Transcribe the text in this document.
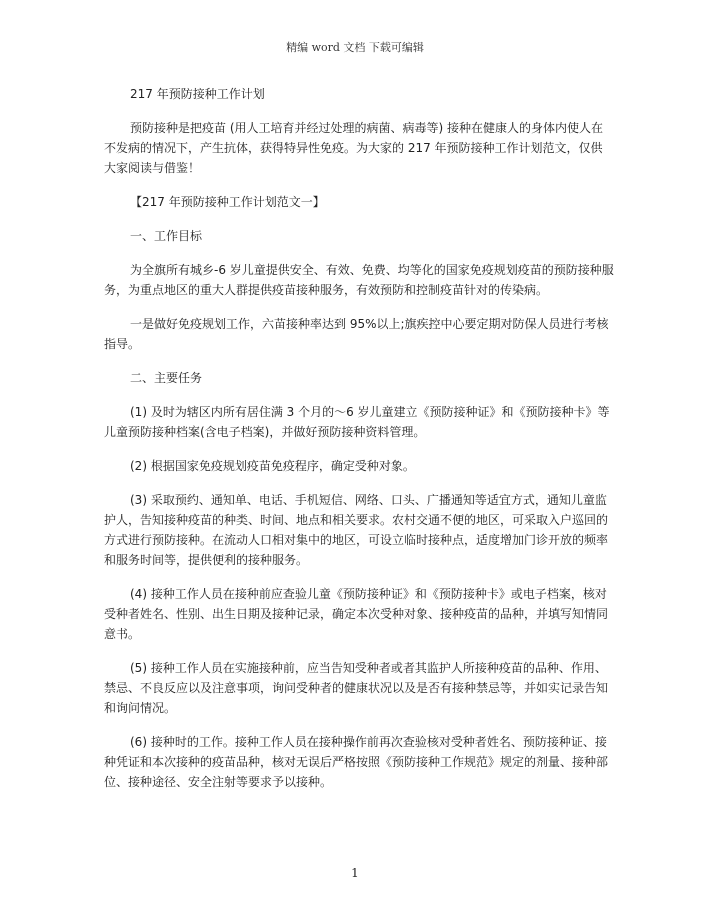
精编 word 文档 下载可编辑

217 年预防接种工作计划

预防接种是把疫苗 (用人工培育并经过处理的病菌、病毒等) 接种在健康人的身体内使人在不发病的情况下，产生抗体，获得特异性免疫。为大家的 217 年预防接种工作计划范文，仅供大家阅读与借鉴！

【217 年预防接种工作计划范文一】

一、工作目标

为全旗所有城乡-6 岁儿童提供安全、有效、免费、均等化的国家免疫规划疫苗的预防接种服务，为重点地区的重大人群提供疫苗接种服务，有效预防和控制疫苗针对的传染病。

一是做好免疫规划工作，六苗接种率达到 95%以上;旗疾控中心要定期对防保人员进行考核指导。

二、主要任务

(1) 及时为辖区内所有居住满 3 个月的～6 岁儿童建立《预防接种证》和《预防接种卡》等儿童预防接种档案(含电子档案)，并做好预防接种资料管理。

(2) 根据国家免疫规划疫苗免疫程序，确定受种对象。

(3) 采取预约、通知单、电话、手机短信、网络、口头、广播通知等适宜方式，通知儿童监护人，告知接种疫苗的种类、时间、地点和相关要求。农村交通不便的地区，可采取入户巡回的方式进行预防接种。在流动人口相对集中的地区，可设立临时接种点，适度增加门诊开放的频率和服务时间等，提供便利的接种服务。

(4) 接种工作人员在接种前应查验儿童《预防接种证》和《预防接种卡》或电子档案，核对受种者姓名、性别、出生日期及接种记录，确定本次受种对象、接种疫苗的品种，并填写知情同意书。

(5) 接种工作人员在实施接种前，应当告知受种者或者其监护人所接种疫苗的品种、作用、禁忌、不良反应以及注意事项，询问受种者的健康状况以及是否有接种禁忌等，并如实记录告知和询问情况。

(6) 接种时的工作。接种工作人员在接种操作前再次查验核对受种者姓名、预防接种证、接种凭证和本次接种的疫苗品种，核对无误后严格按照《预防接种工作规范》规定的剂量、接种部位、接种途径、安全注射等要求予以接种。

1
